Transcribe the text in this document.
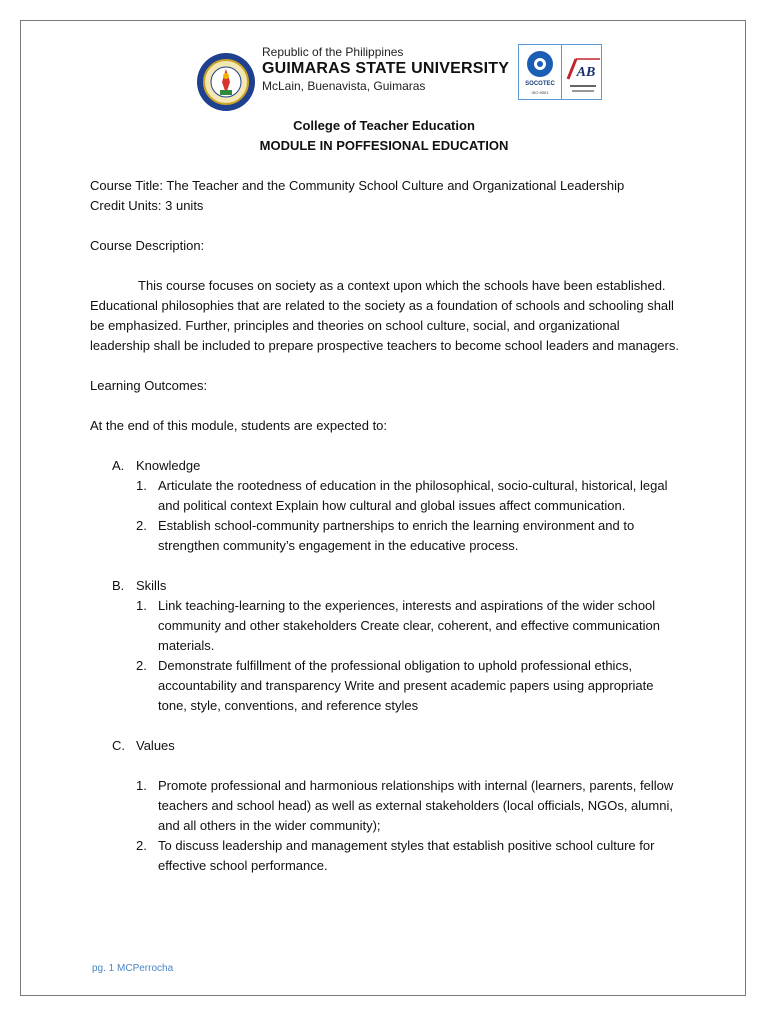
Republic of the Philippines
GUIMARAS STATE UNIVERSITY
McLain, Buenavista, Guimaras	SOCOTEC
ISO 9001
AB
College of Teacher Education
MODULE IN POFFESIONAL EDUCATION

Course Title: The Teacher and the Community School Culture and Organizational Leadership

Credit Units: 3 units

Course Description:

This course focuses on society as a context upon which the schools have been established. Educational philosophies that are related to the society as a foundation of schools and schooling shall be emphasized. Further, principles and theories on school culture, social, and organizational leadership shall be included to prepare prospective teachers to become school leaders and managers.

Learning Outcomes:

At the end of this module, students are expected to:

A. Knowledge
1. Articulate the rootedness of education in the philosophical, socio-cultural, historical, legal and political context Explain how cultural and global issues affect communication.
2. Establish school-community partnerships to enrich the learning environment and to strengthen community’s engagement in the educative process.
B. Skills
1. Link teaching-learning to the experiences, interests and aspirations of the wider school community and other stakeholders Create clear, coherent, and effective communication materials.
2. Demonstrate fulfillment of the professional obligation to uphold professional ethics, accountability and transparency Write and present academic papers using appropriate tone, style, conventions, and reference styles
C. Values
1. Promote professional and harmonious relationships with internal (learners, parents, fellow teachers and school head) as well as external stakeholders (local officials, NGOs, alumni, and all others in the wider community);
2. To discuss leadership and management styles that establish positive school culture for effective school performance.
pg. 1 MCPerrocha
